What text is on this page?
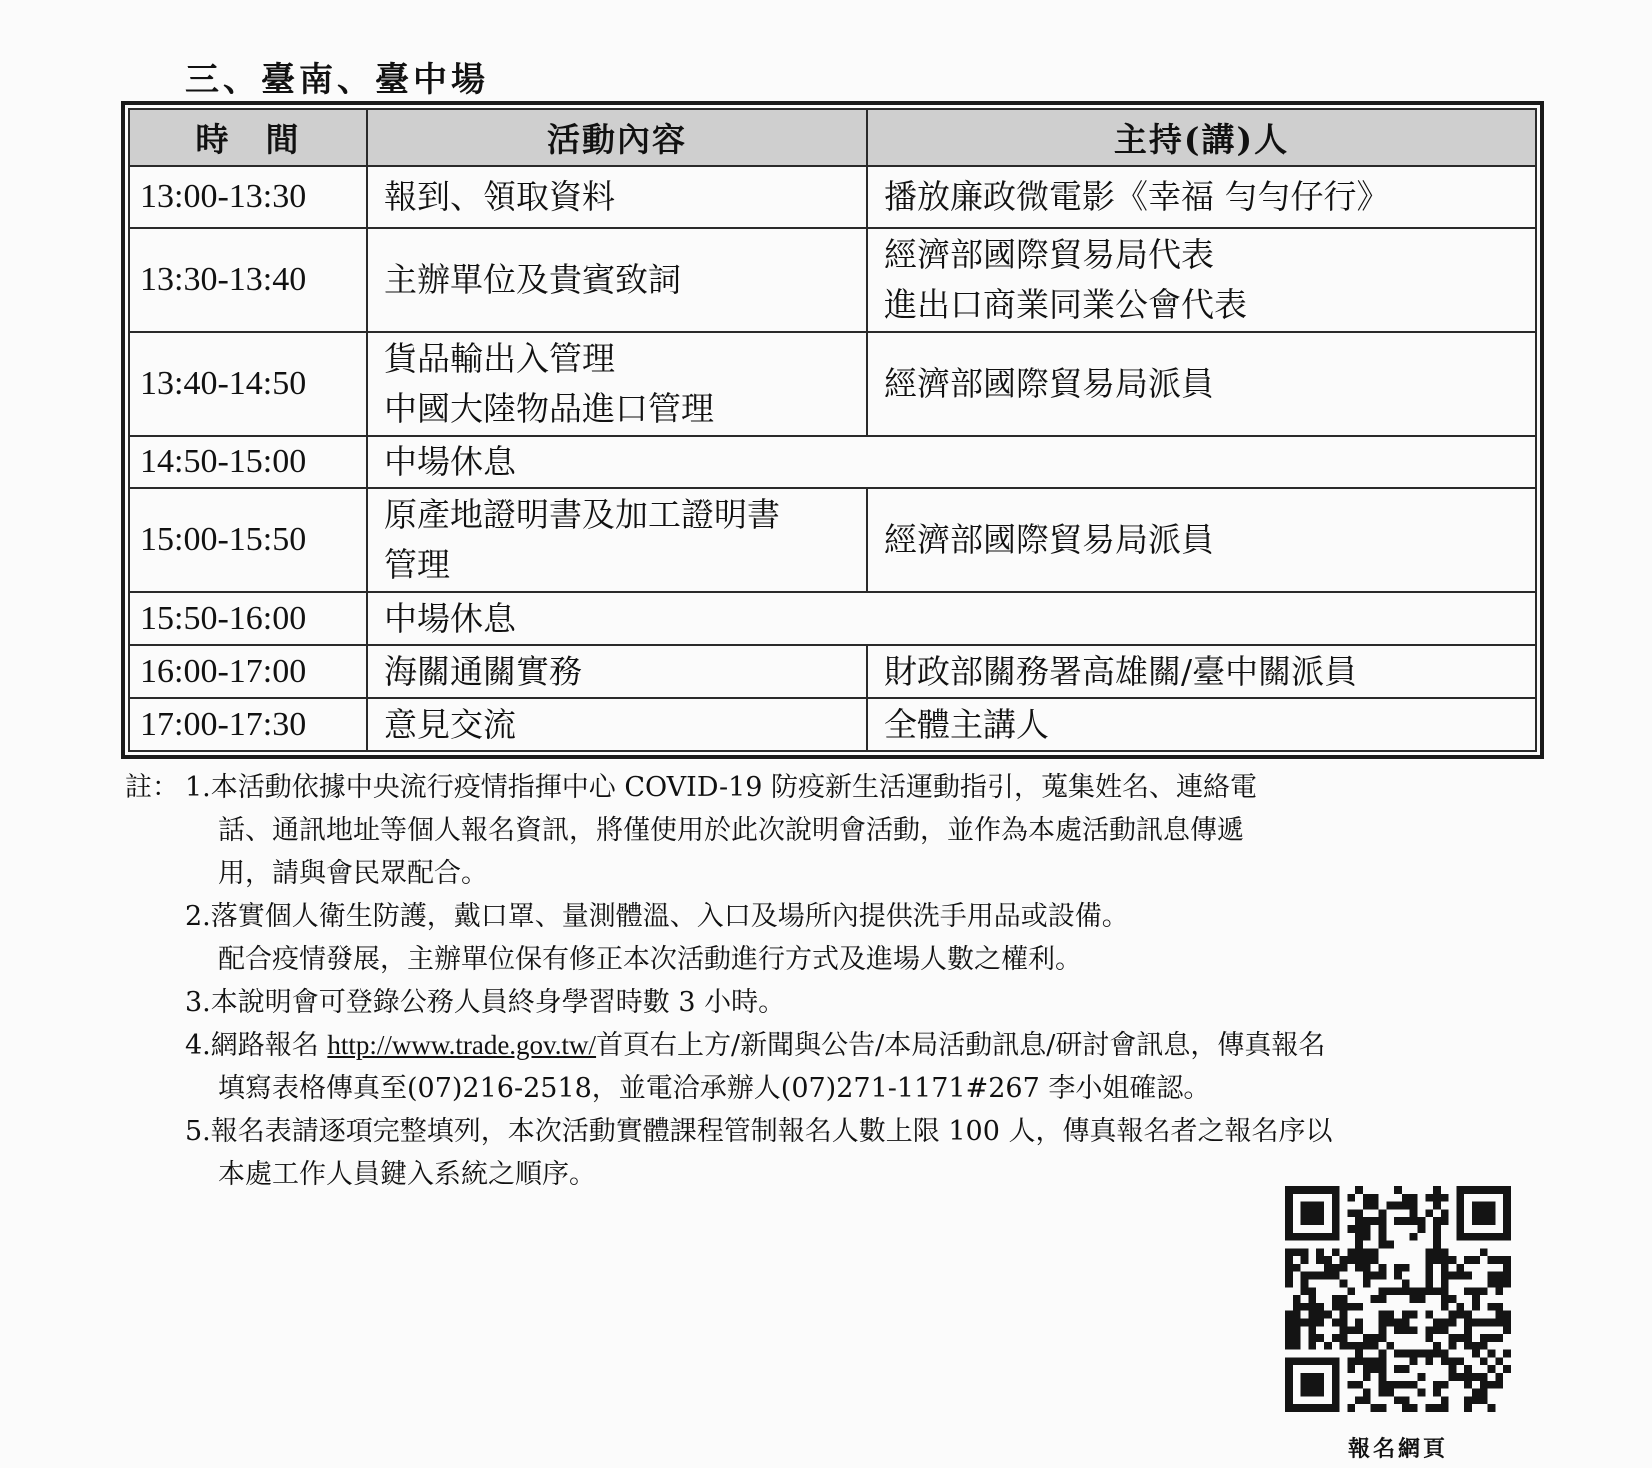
三、臺南、臺中場
時　間	活動內容	主持(講)人
13:00-13:30	報到、領取資料	播放廉政微電影《幸福 勻勻仔行》

13:30-13:40	主辦單位及貴賓致詞	經濟部國際貿易局代表
進出口商業同業公會代表

13:40-14:50	貨品輸出入管理
中國大陸物品進口管理	經濟部國際貿易局派員

14:50-15:00	中場休息	

15:00-15:50	原產地證明書及加工證明書
管理	經濟部國際貿易局派員

15:50-16:00	中場休息	

16:00-17:00	海關通關實務	財政部關務署高雄關/臺中關派員

17:00-17:30	意見交流	全體主講人
註： 1.本活動依據中央流行疫情指揮中心 COVID-19 防疫新生活運動指引，蒐集姓名、連絡電
話、通訊地址等個人報名資訊，將僅使用於此次說明會活動，並作為本處活動訊息傳遞
用，請與會民眾配合。
2.落實個人衛生防護，戴口罩、量測體溫、入口及場所內提供洗手用品或設備。
配合疫情發展，主辦單位保有修正本次活動進行方式及進場人數之權利。
3.本說明會可登錄公務人員終身學習時數 3 小時。
4.網路報名 http://www.trade.gov.tw/首頁右上方/新聞與公告/本局活動訊息/研討會訊息，傳真報名
填寫表格傳真至(07)216-2518，並電洽承辦人(07)271-1171#267 李小姐確認。
5.報名表請逐項完整填列，本次活動實體課程管制報名人數上限 100 人，傳真報名者之報名序以
本處工作人員鍵入系統之順序。
報名網頁
